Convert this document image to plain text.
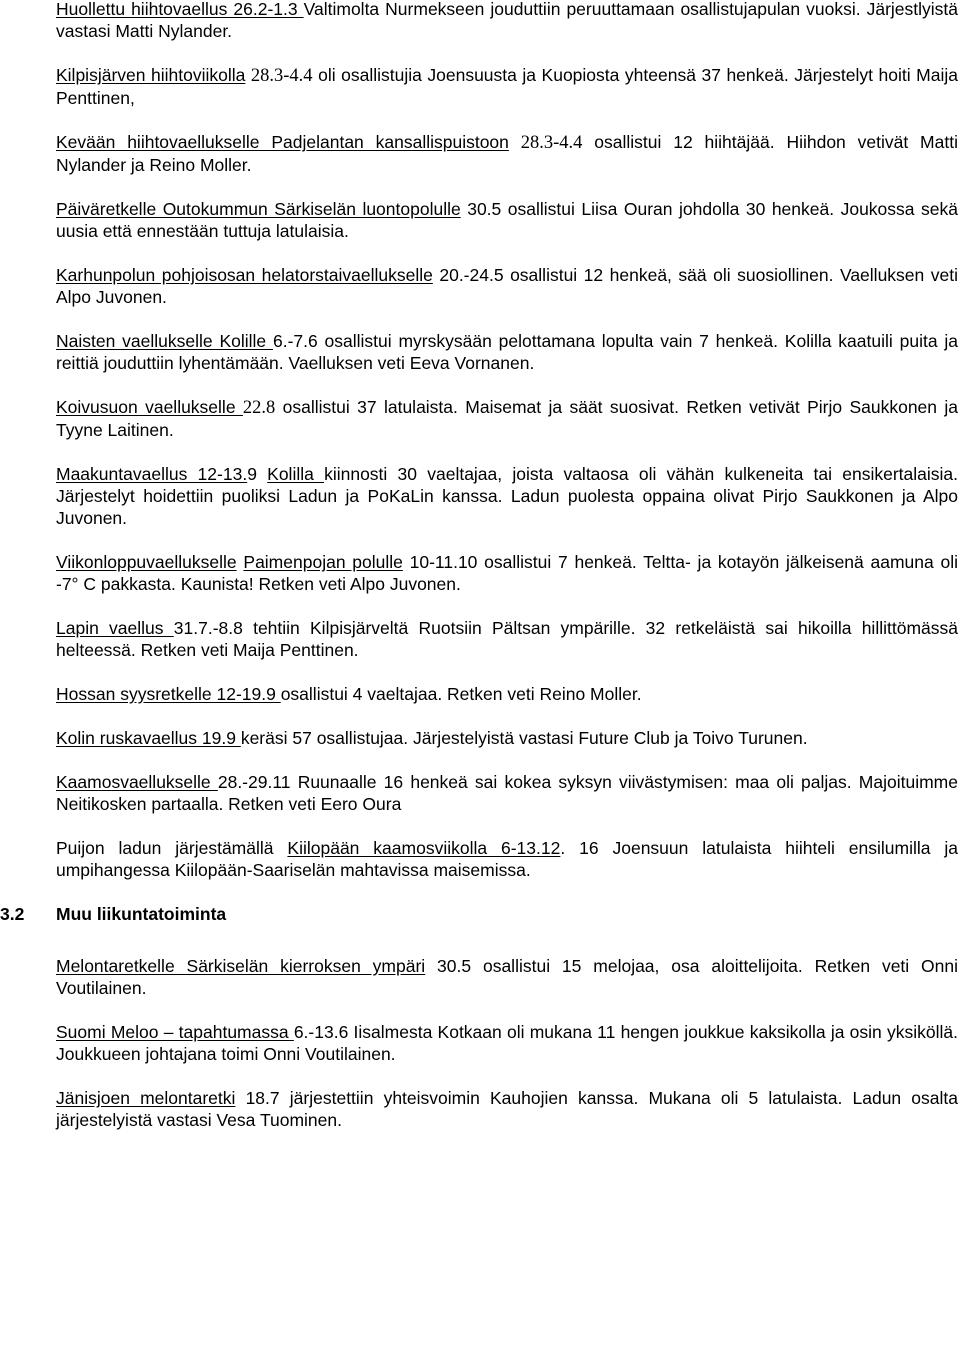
Huollettu hiihtovaellus 26.2-1.3 Valtimolta Nurmekseen jouduttiin peruuttamaan osallistujapulan vuoksi. Järjestlyistä vastasi Matti Nylander.

Kilpisjärven hiihtoviikolla 28.3-4.4 oli osallistujia Joensuusta ja Kuopiosta yhteensä 37 henkeä. Järjestelyt hoiti Maija Penttinen,

Kevään hiihtovaellukselle Padjelantan kansallispuistoon 28.3-4.4 osallistui 12 hiihtäjää. Hiihdon vetivät Matti Nylander ja Reino Moller.

Päiväretkelle Outokummun Särkiselän luontopolulle 30.5 osallistui Liisa Ouran johdolla 30 henkeä. Joukossa sekä uusia että ennestään tuttuja latulaisia.

Karhunpolun pohjoisosan helatorstaivaellukselle 20.-24.5 osallistui 12 henkeä, sää oli suosiollinen. Vaelluksen veti Alpo Juvonen.

Naisten vaellukselle Kolille 6.-7.6 osallistui myrskysään pelottamana lopulta vain 7 henkeä. Kolilla kaatuili puita ja reittiä jouduttiin lyhentämään. Vaelluksen veti Eeva Vornanen.

Koivusuon vaellukselle 22.8 osallistui 37 latulaista. Maisemat ja säät suosivat. Retken vetivät Pirjo Saukkonen ja Tyyne Laitinen.

Maakuntavaellus 12-13.9 Kolilla kiinnosti 30 vaeltajaa, joista valtaosa oli vähän kulkeneita tai ensikertalaisia. Järjestelyt hoidettiin puoliksi Ladun ja PoKaLin kanssa. Ladun puolesta oppaina olivat Pirjo Saukkonen ja Alpo Juvonen.

Viikonloppuvaellukselle Paimenpojan polulle 10-11.10 osallistui 7 henkeä. Teltta- ja kotayön jälkeisenä aamuna oli -7° C pakkasta. Kaunista! Retken veti Alpo Juvonen.

Lapin vaellus 31.7.-8.8 tehtiin Kilpisjärveltä Ruotsiin Pältsan ympärille. 32 retkeläistä sai hikoilla hillittömässä helteessä. Retken veti Maija Penttinen.

Hossan syysretkelle 12-19.9 osallistui 4 vaeltajaa. Retken veti Reino Moller.

Kolin ruskavaellus 19.9 keräsi 57 osallistujaa. Järjestelyistä vastasi Future Club ja Toivo Turunen.

Kaamosvaellukselle 28.-29.11 Ruunaalle 16 henkeä sai kokea syksyn viivästymisen: maa oli paljas. Majoituimme Neitikosken partaalla. Retken veti Eero Oura

Puijon ladun järjestämällä Kiilopään kaamosviikolla 6-13.12. 16 Joensuun latulaista hiihteli ensilumilla ja umpihangessa Kiilopään-Saariselän mahtavissa maisemissa.

3.2	Muu liikuntatoiminta

Melontaretkelle Särkiselän kierroksen ympäri 30.5 osallistui 15 melojaa, osa aloittelijoita. Retken veti Onni Voutilainen.

Suomi Meloo – tapahtumassa 6.-13.6 Iisalmesta Kotkaan oli mukana 11 hengen joukkue kaksikolla ja osin yksiköllä. Joukkueen johtajana toimi Onni Voutilainen.

Jänisjoen melontaretki 18.7 järjestettiin yhteisvoimin Kauhojien kanssa. Mukana oli 5 latulaista. Ladun osalta järjestelyistä vastasi Vesa Tuominen.
